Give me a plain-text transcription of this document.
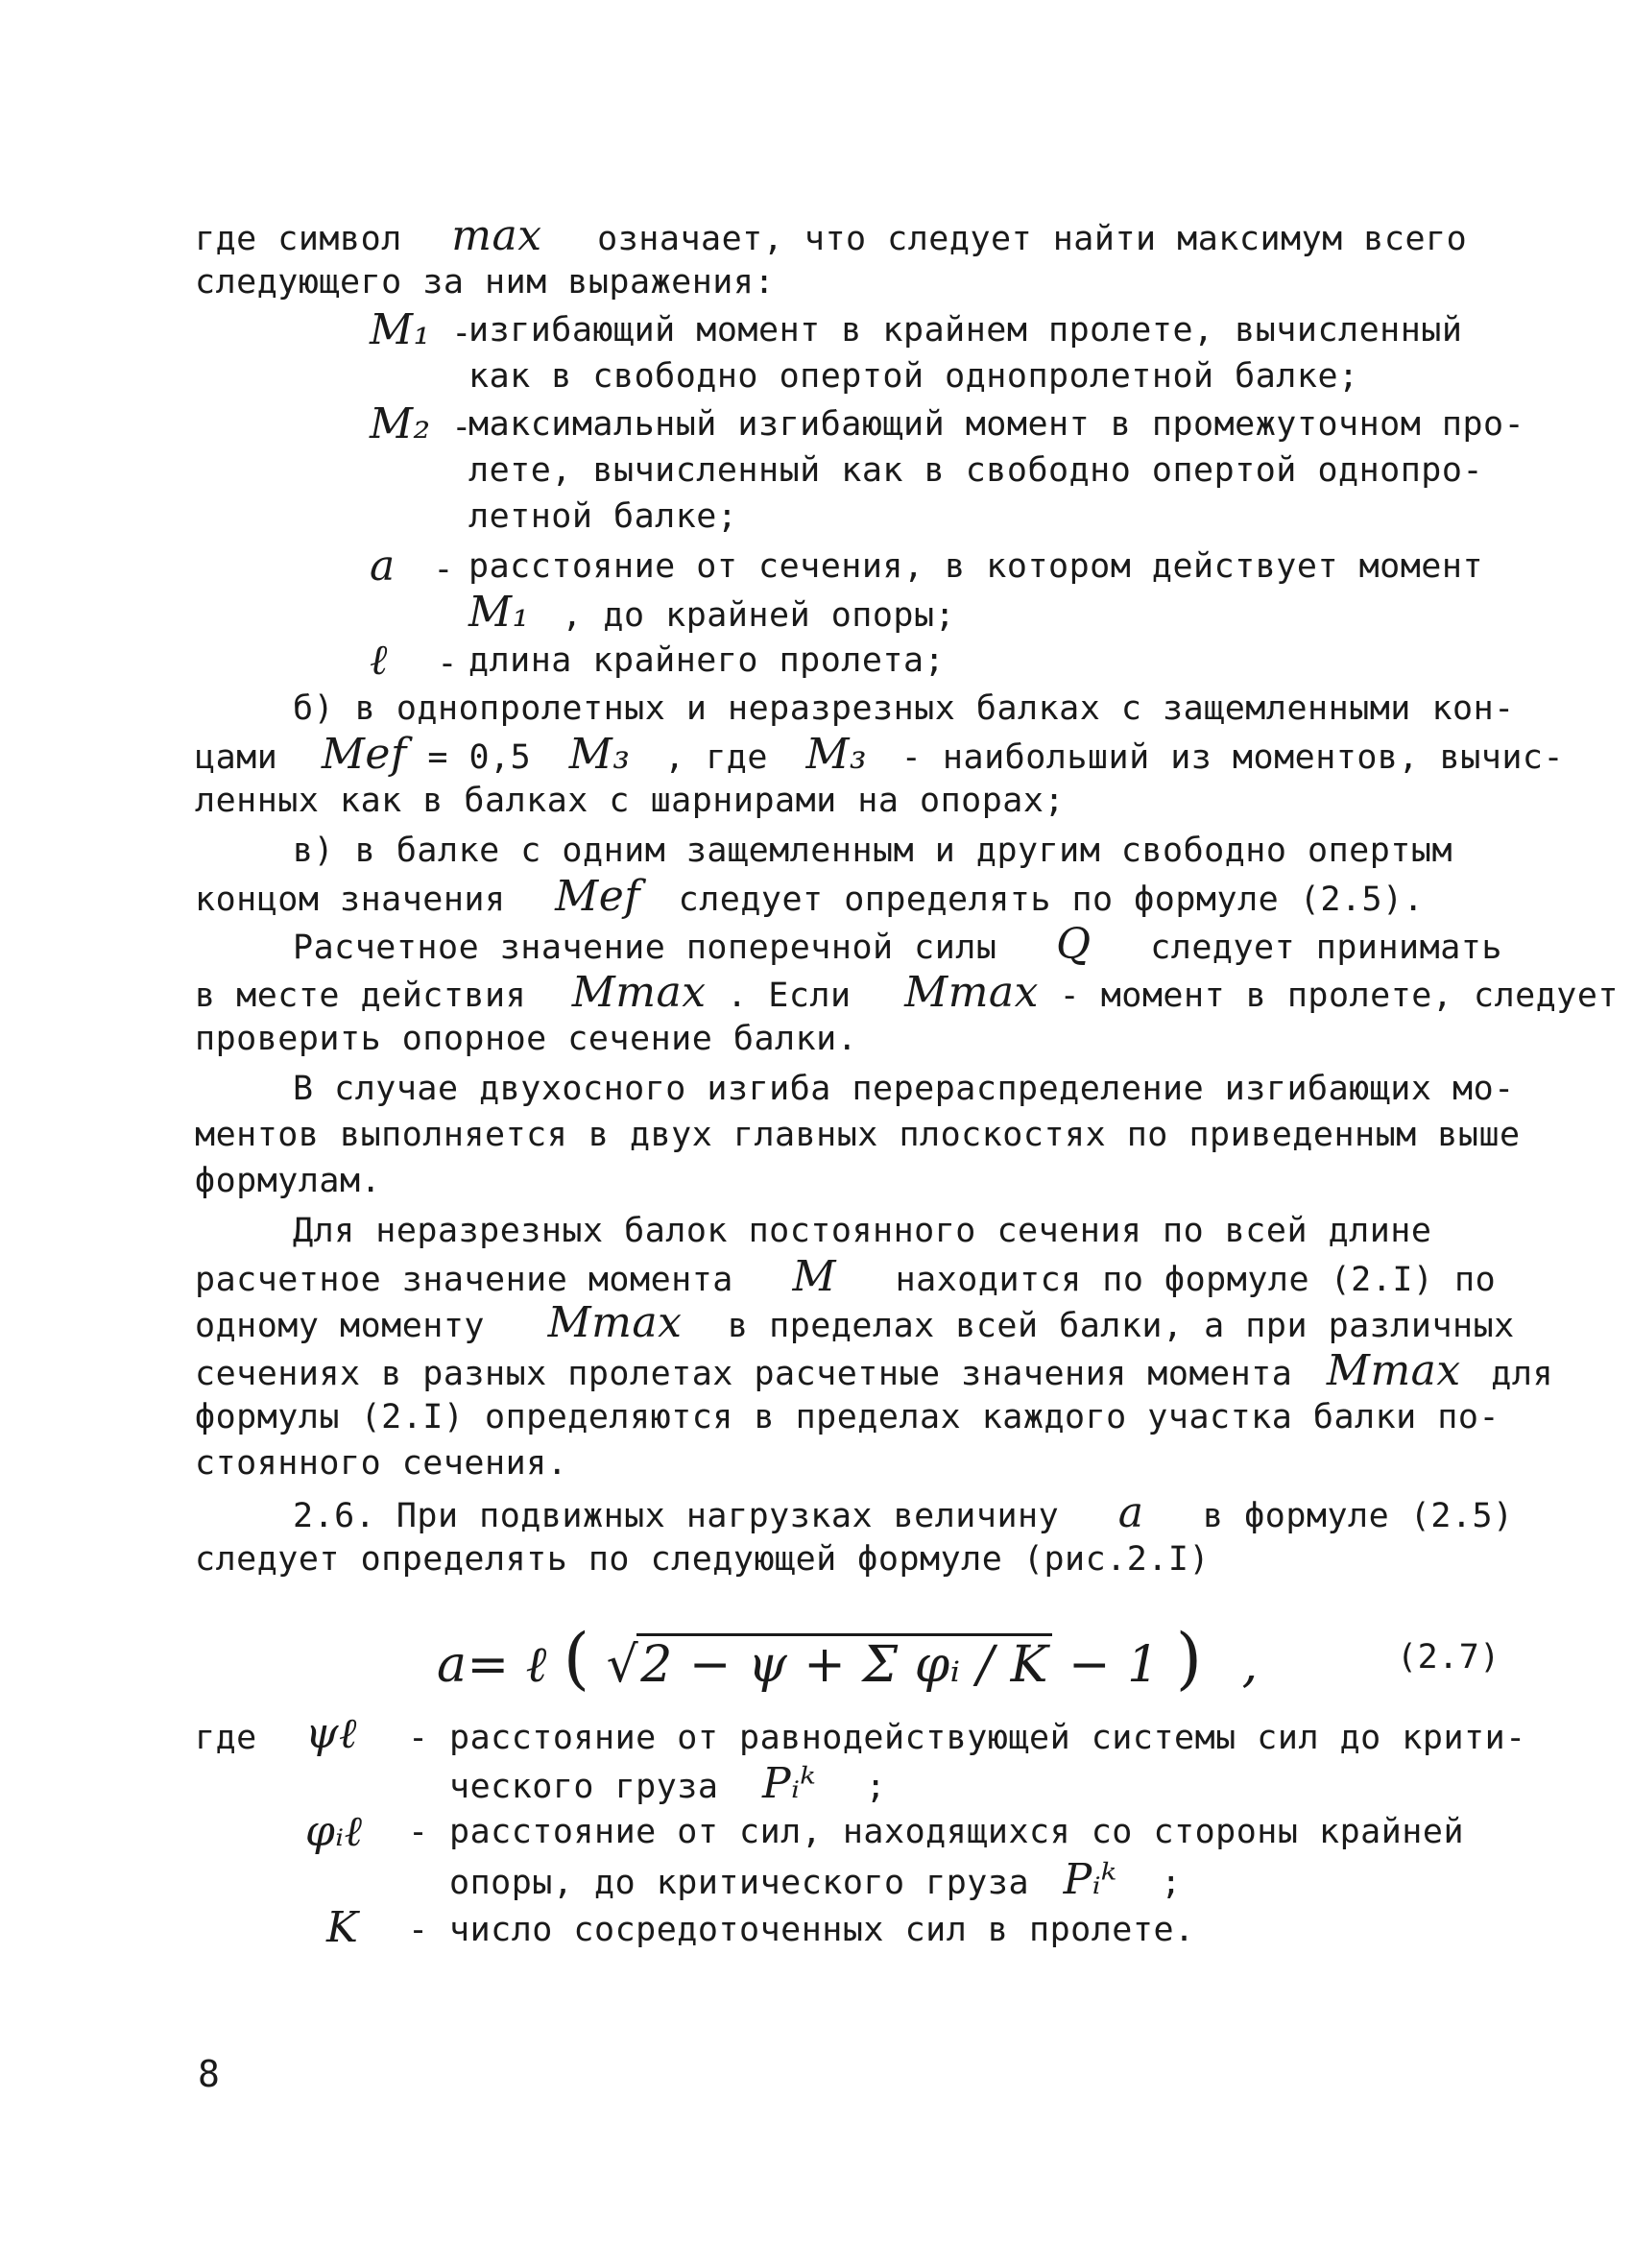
где символ max означает, что следует найти максимум всего
следующего за ним выражения:
M₁ -
изгибающий момент в крайнем пролете, вычисленный
как в свободно опертой однопролетной балке;
M₂ -
максимальный изгибающий момент в промежуточном про-
лете, вычисленный как в свободно опертой однопро-
летной балке;
a - расстояние от сечения, в котором действует момент
M₁ , до крайней опоры;
ℓ - длина крайнего пролета;
б) в однопролетных и неразрезных балках с защемленными кон-
цами Mef = 0,5 M₃ , где M₃ - наибольший из моментов, вычис-
ленных как в балках с шарнирами на опорах;
в) в балке с одним защемленным и другим свободно опертым
концом значения Mef следует определять по формуле (2.5).
Расчетное значение поперечной силы Q следует принимать
в месте действия Mmax . Если Mmax - момент в пролете, следует
проверить опорное сечение балки.
В случае двухосного изгиба перераспределение изгибающих мо-
ментов выполняется в двух главных плоскостях по приведенным выше
формулам.
Для неразрезных балок постоянного сечения по всей длине
расчетное значение момента M находится по формуле (2.I) по
одному моменту Mmax в пределах всей балки, а при различных
сечениях в разных пролетах расчетные значения момента Mmax для
формулы (2.I) определяются в пределах каждого участка балки по-
стоянного сечения.
2.6. При подвижных нагрузках величину a в формуле (2.5)
следует определять по следующей формуле (рис.2.I)
a= ℓ ( √2 − ψ + Σ φᵢ / K − 1 ) ,	(2.7)
где ψℓ - расстояние от равнодействующей системы сил до крити-
ческого груза Pᵢᵏ ;
φᵢℓ - расстояние от сил, находящихся со стороны крайней
опоры, до критического груза Pᵢᵏ ;
K - число сосредоточенных сил в пролете.
8
